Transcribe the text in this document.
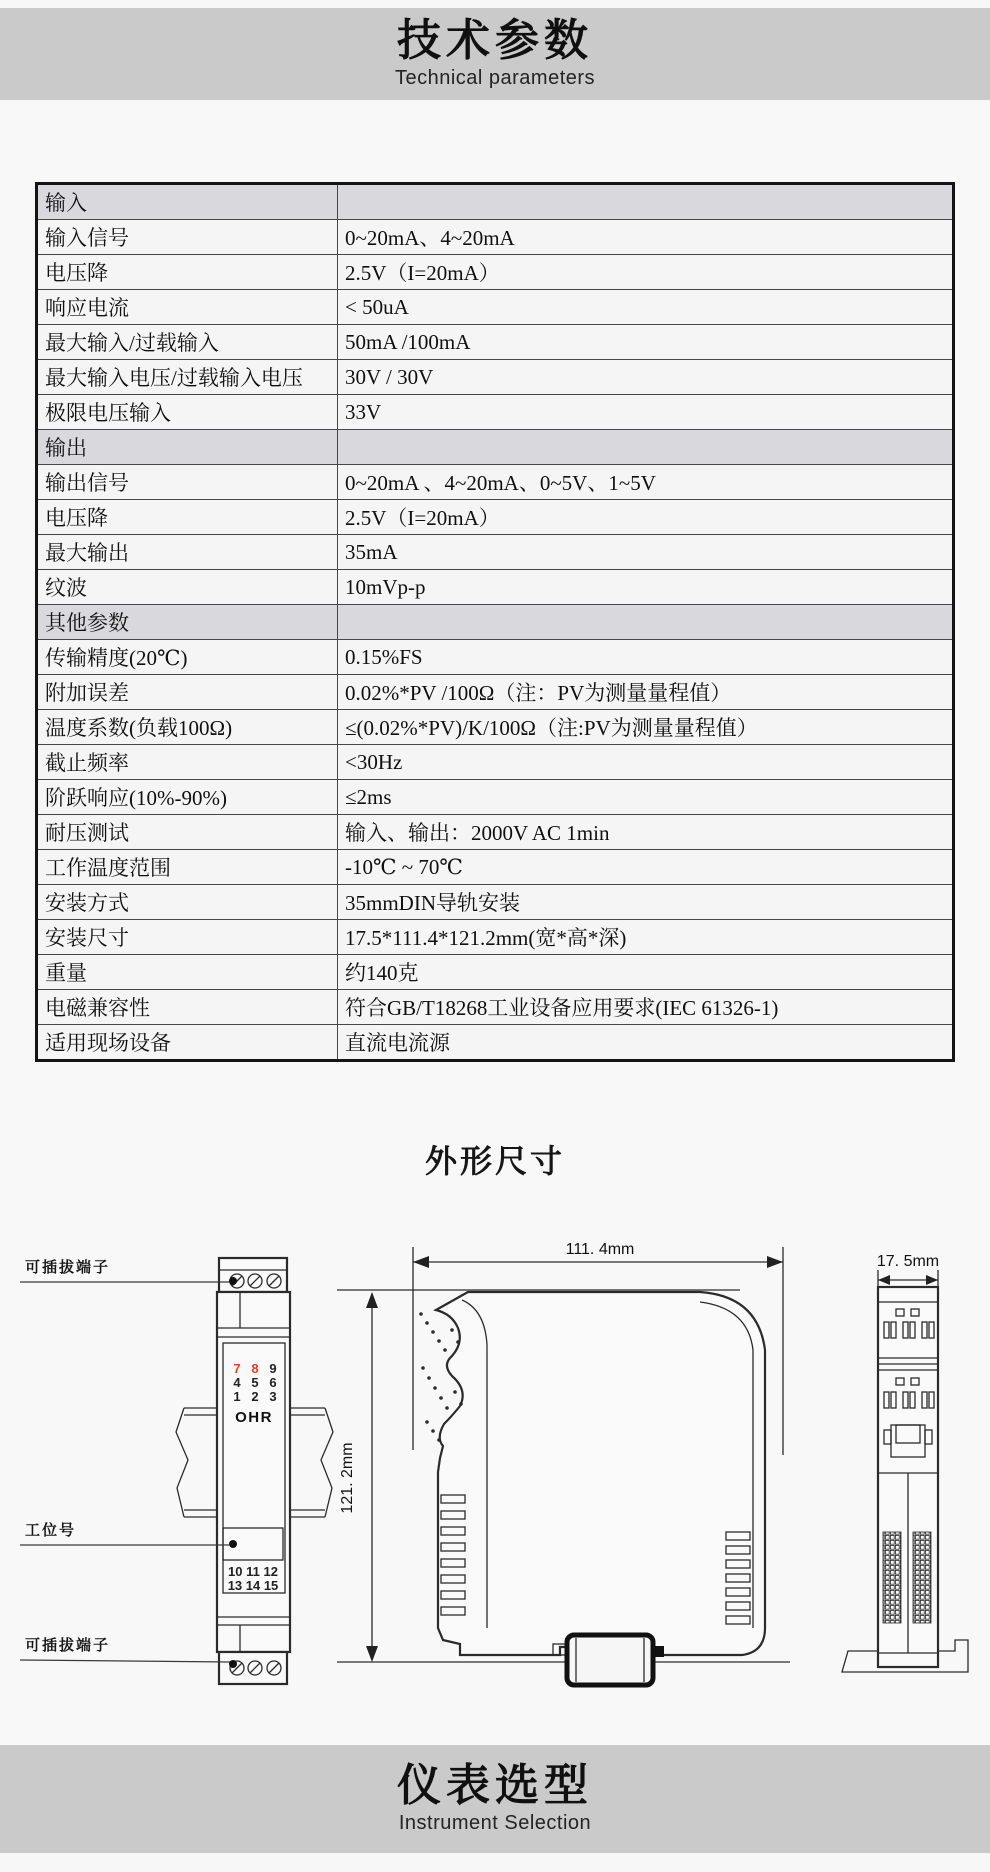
技术参数
Technical parameters
输入	
输入信号	0~20mA、4~20mA
电压降	2.5V（I=20mA）
响应电流	< 50uA
最大输入/过载输入	50mA /100mA
最大输入电压/过载输入电压	30V / 30V
极限电压输入	33V
输出	
输出信号	0~20mA 、4~20mA、0~5V、1~5V
电压降	2.5V（I=20mA）
最大输出	35mA
纹波	10mVp-p
其他参数	
传输精度(20℃)	0.15%FS
附加误差	0.02%*PV /100Ω（注：PV为测量量程值）
温度系数(负载100Ω)	≤(0.02%*PV)/K/100Ω（注:PV为测量量程值）
截止频率	<30Hz
阶跃响应(10%-90%)	≤2ms
耐压测试	输入、输出：2000V AC 1min
工作温度范围	-10℃ ~ 70℃
安装方式	35mmDIN导轨安装
安装尺寸	17.5*111.4*121.2mm(宽*高*深)
重量	约140克
电磁兼容性	符合GB/T18268工业设备应用要求(IEC 61326-1)
适用现场设备	直流电流源
外形尺寸
7 8 9
4 5 6
1 2 3
OHR
10 11 12
13 14 15
可插拔端子
工位号
可插拔端子
111. 4mm
121. 2mm
17. 5mm
仪表选型
Instrument Selection
